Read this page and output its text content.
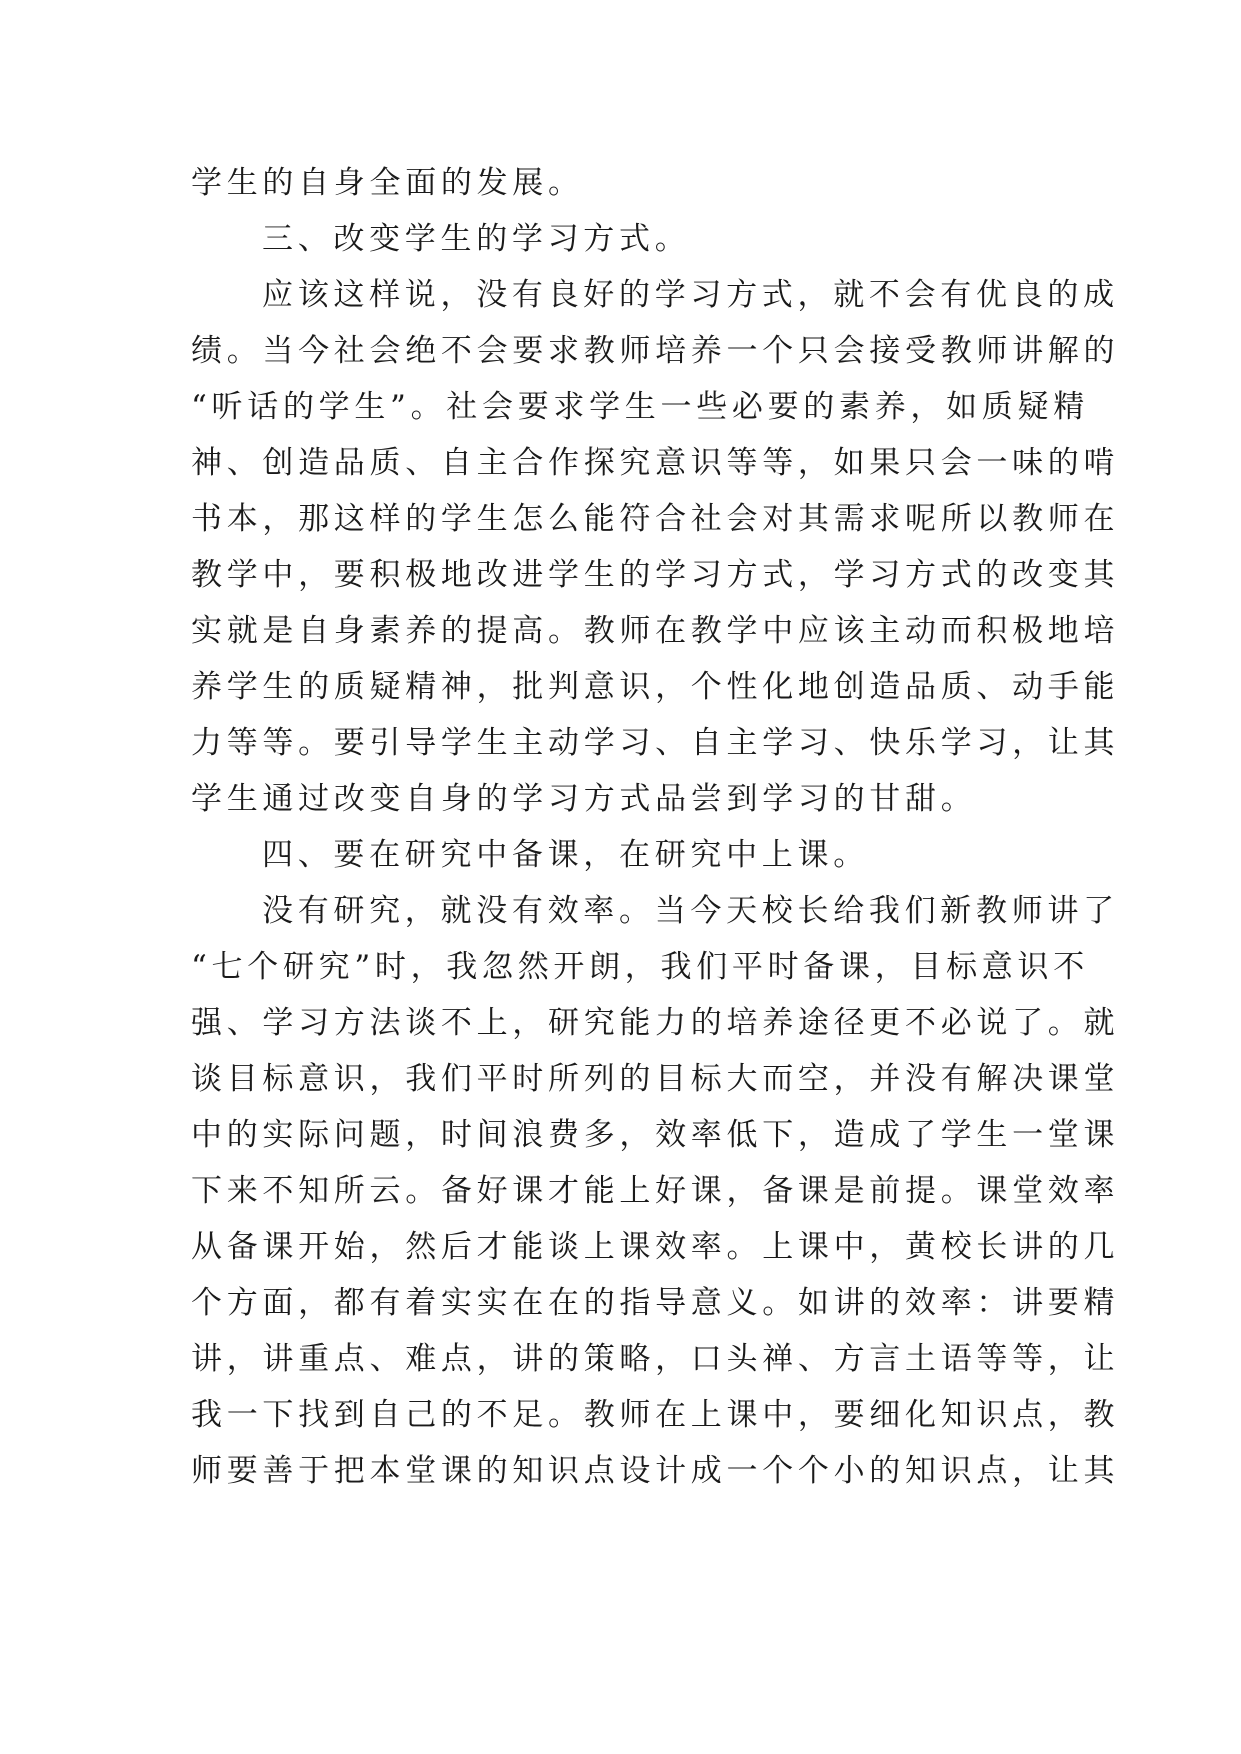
学生的自身全面的发展。
三、改变学生的学习方式。
应该这样说，没有良好的学习方式，就不会有优良的成
绩。当今社会绝不会要求教师培养一个只会接受教师讲解的
“听话的学生”。社会要求学生一些必要的素养，如质疑精
神、创造品质、自主合作探究意识等等，如果只会一味的啃
书本，那这样的学生怎么能符合社会对其需求呢所以教师在
教学中，要积极地改进学生的学习方式，学习方式的改变其
实就是自身素养的提高。教师在教学中应该主动而积极地培
养学生的质疑精神，批判意识，个性化地创造品质、动手能
力等等。要引导学生主动学习、自主学习、快乐学习，让其
学生通过改变自身的学习方式品尝到学习的甘甜。
四、要在研究中备课，在研究中上课。
没有研究，就没有效率。当今天校长给我们新教师讲了
“七个研究”时，我忽然开朗，我们平时备课，目标意识不
强、学习方法谈不上，研究能力的培养途径更不必说了。就
谈目标意识，我们平时所列的目标大而空，并没有解决课堂
中的实际问题，时间浪费多，效率低下，造成了学生一堂课
下来不知所云。备好课才能上好课，备课是前提。课堂效率
从备课开始，然后才能谈上课效率。上课中，黄校长讲的几
个方面，都有着实实在在的指导意义。如讲的效率：讲要精
讲，讲重点、难点，讲的策略，口头禅、方言土语等等，让
我一下找到自己的不足。教师在上课中，要细化知识点，教
师要善于把本堂课的知识点设计成一个个小的知识点，让其
